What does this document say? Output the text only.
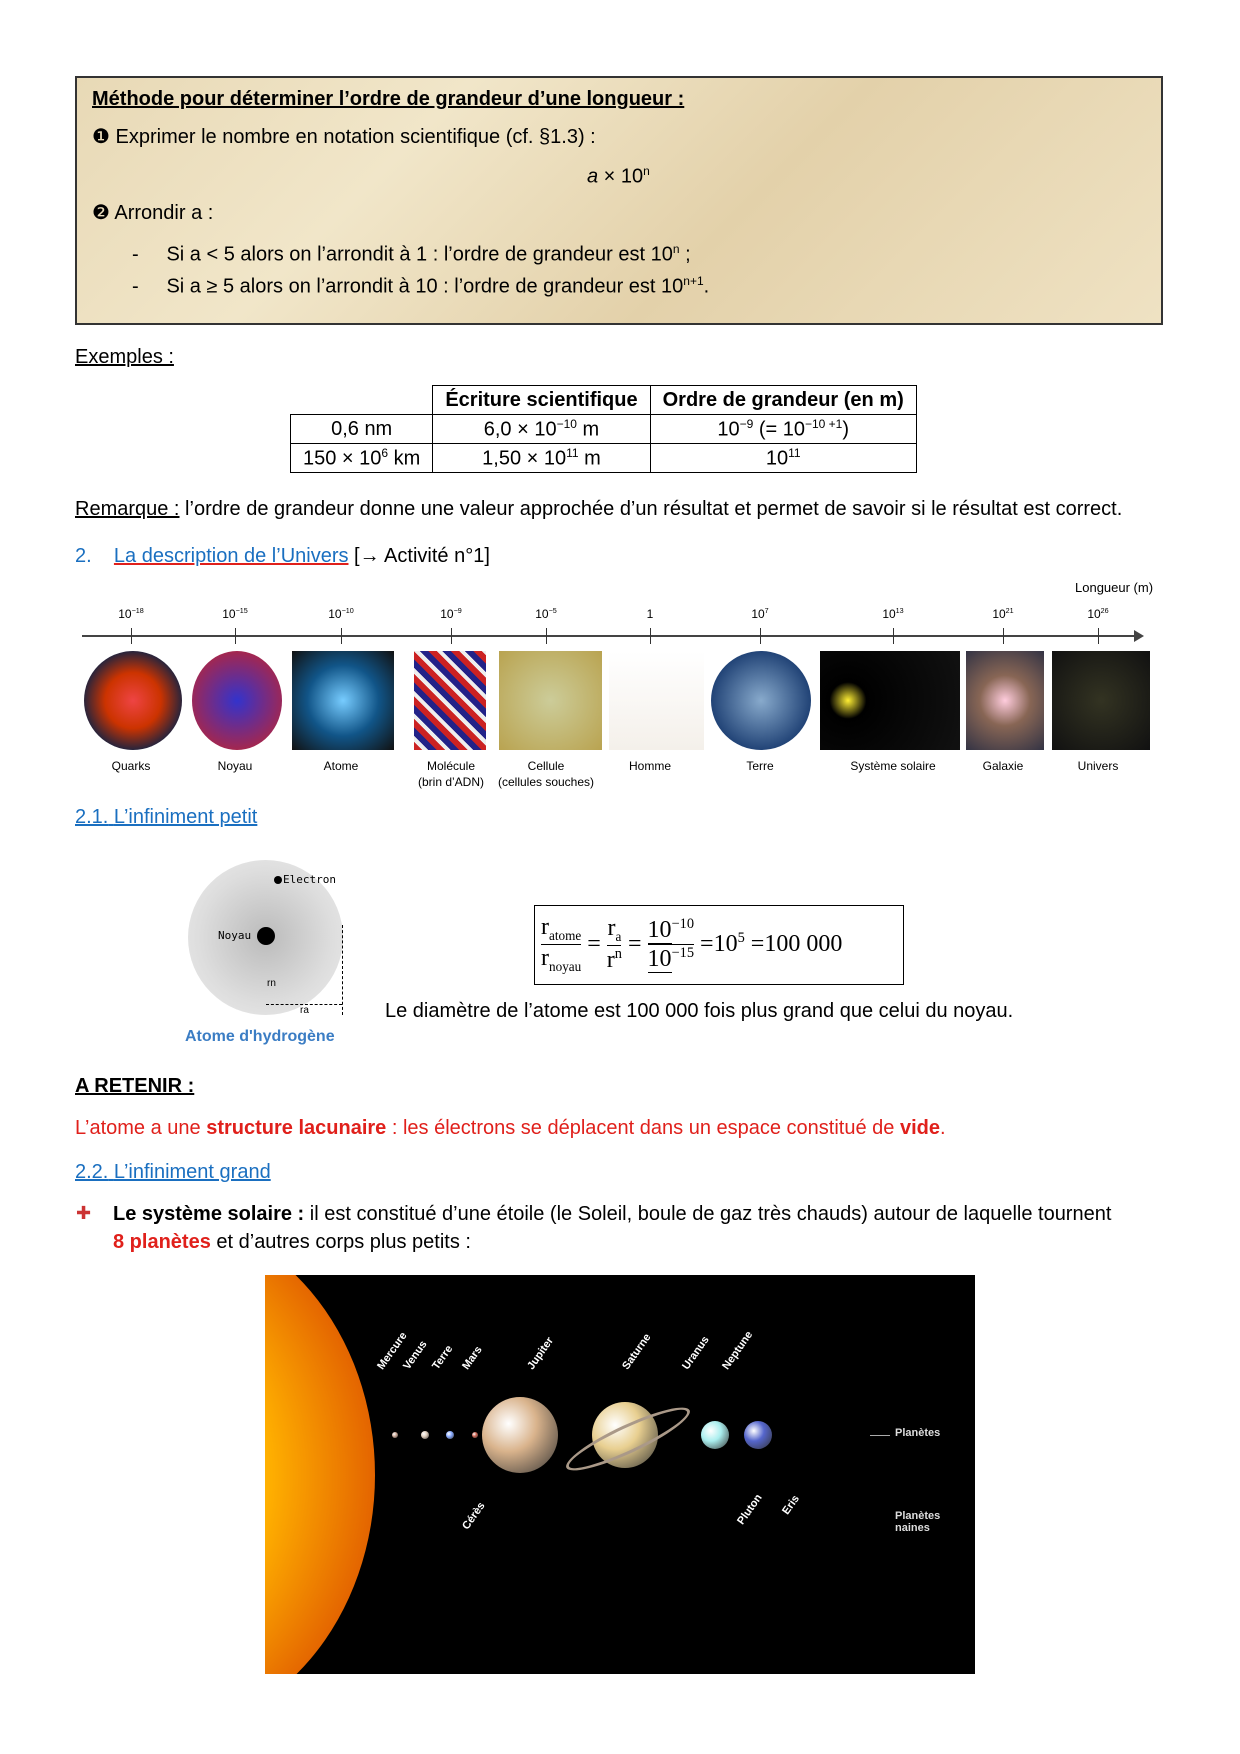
Méthode pour déterminer l’ordre de grandeur d’une longueur :
❶ Exprimer le nombre en notation scientifique (cf. §1.3) :
$a \times 10^n$
❷ Arrondir a :
-     Si a < 5 alors on l’arrondit à 1 : l’ordre de grandeur est 10$^n$ ;
-     Si a ≥ 5 alors on l’arrondit à 10 : l’ordre de grandeur est $10^{n+1}$.
Exemples :
	Écriture scientifique	Ordre de grandeur (en m)
0,6 nm	$6,0 \times 10^{-10}$ m	$10^{-9}$ (= $10^{-10 +1}$)
$150 \times 10^6$ km	$1,50 \times 10^{11}$ m	$10^{11}$
Remarque : l’ordre de grandeur donne une valeur approchée d’un résultat et permet de savoir si le résultat est correct.
2. La description de l’Univers [→ Activité n°1]
Longueur (m)
$10^{-18}$
Quarks
$10^{-15}$
Noyau
$10^{-10}$
Atome
$10^{-9}$
Molécule
(brin d’ADN)
$10^{-5}$
Cellule
(cellules souches)
1
Homme
$10^7$
Terre
$10^{13}$
Système solaire
$10^{21}$
Galaxie
$10^{26}$
Univers
2.1. L’infiniment petit
Electron
Noyau
rn
ra
Atome d'hydrogène
$\frac{r_{atome}}{r_{noyau}} = \frac{r_a}{r^n} = \frac{10^{-10}}{10^{-15}} =10^5 =100$ 000
Le diamètre de l’atome est 100 000 fois plus grand que celui du noyau.
A RETENIR :
L’atome a une structure lacunaire : les électrons se déplacent dans un espace constitué de vide.
2.2. L’infiniment grand
✚ Le système solaire : il est constitué d’une étoile (le Soleil, boule de gaz très chauds) autour de laquelle tournent
8 planètes et d’autres corps plus petits :
Mercure
Venus Terre Mars	Jupiter	Saturne Uranus Neptune
Cérès	Pluton Eris
Planètes
Planètes naines
